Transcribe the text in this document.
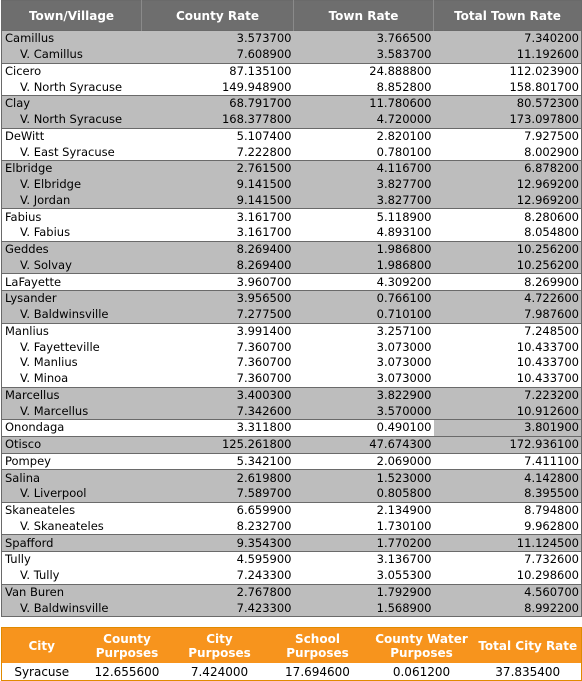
Town/Village	County Rate	Town Rate	Total Town Rate
Camillus	3.573700	3.766500	7.340200
V. Camillus	7.608900	3.583700	11.192600
Cicero	87.135100	24.888800	112.023900
V. North Syracuse	149.948900	8.852800	158.801700
Clay	68.791700	11.780600	80.572300
V. North Syracuse	168.377800	4.720000	173.097800
DeWitt	5.107400	2.820100	7.927500
V. East Syracuse	7.222800	0.780100	8.002900
Elbridge	2.761500	4.116700	6.878200
V. Elbridge	9.141500	3.827700	12.969200
V. Jordan	9.141500	3.827700	12.969200
Fabius	3.161700	5.118900	8.280600
V. Fabius	3.161700	4.893100	8.054800
Geddes	8.269400	1.986800	10.256200
V. Solvay	8.269400	1.986800	10.256200
LaFayette	3.960700	4.309200	8.269900
Lysander	3.956500	0.766100	4.722600
V. Baldwinsville	7.277500	0.710100	7.987600
Manlius	3.991400	3.257100	7.248500
V. Fayetteville	7.360700	3.073000	10.433700
V. Manlius	7.360700	3.073000	10.433700
V. Minoa	7.360700	3.073000	10.433700
Marcellus	3.400300	3.822900	7.223200
V. Marcellus	7.342600	3.570000	10.912600
Onondaga	3.311800	0.490100	3.801900
Otisco	125.261800	47.674300	172.936100
Pompey	5.342100	2.069000	7.411100
Salina	2.619800	1.523000	4.142800
V. Liverpool	7.589700	0.805800	8.395500
Skaneateles	6.659900	2.134900	8.794800
V. Skaneateles	8.232700	1.730100	9.962800
Spafford	9.354300	1.770200	11.124500
Tully	4.595900	3.136700	7.732600
V. Tully	7.243300	3.055300	10.298600
Van Buren	2.767800	1.792900	4.560700
V. Baldwinsville	7.423300	1.568900	8.992200
City	County Purposes	City Purposes	School Purposes	County Water Purposes	Total City Rate
Syracuse	12.655600	7.424000	17.694600	0.061200	37.835400
